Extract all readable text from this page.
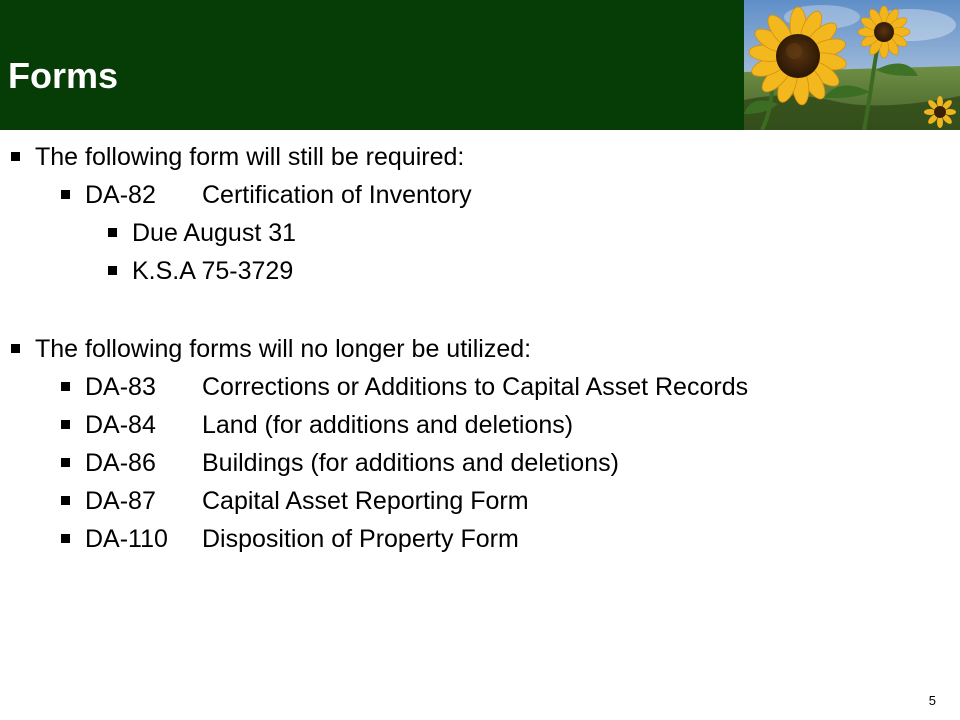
Forms
The following form will still be required:
DA-82 Certification of Inventory
Due August 31
K.S.A 75-3729
The following forms will no longer be utilized:
DA-83 Corrections or Additions to Capital Asset Records
DA-84 Land (for additions and deletions)
DA-86 Buildings (for additions and deletions)
DA-87 Capital Asset Reporting Form
DA-110 Disposition of Property Form
5
